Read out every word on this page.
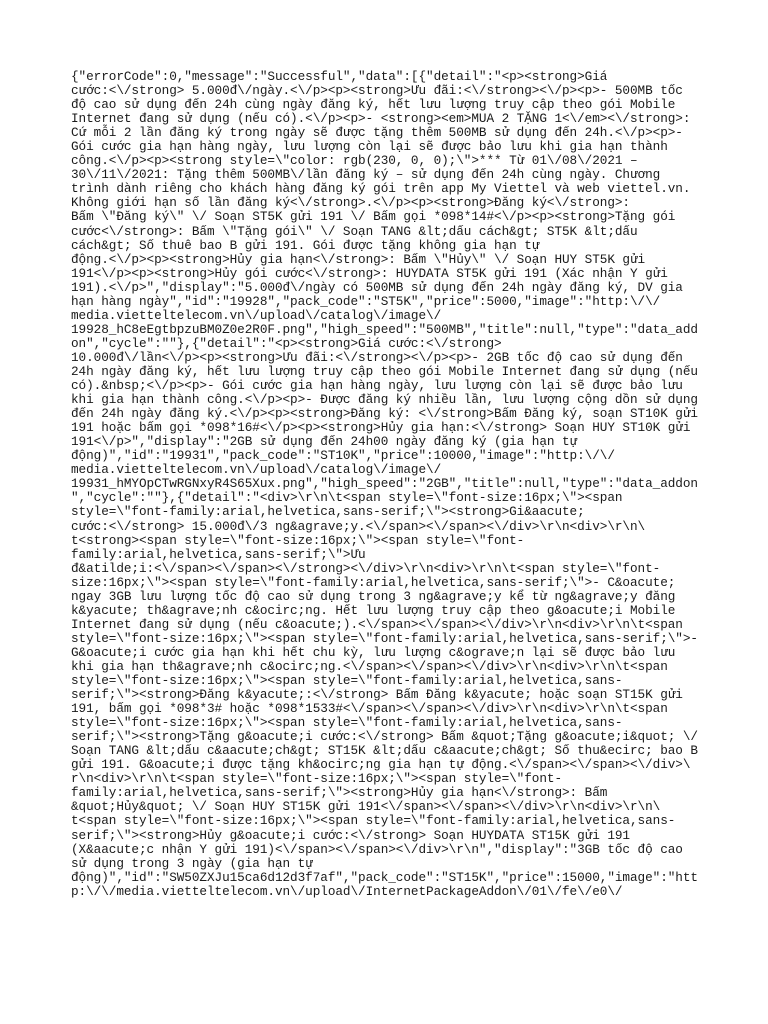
{"errorCode":0,"message":"Successful","data":[{"detail":"<p><strong>Giá
cước:<\/strong> 5.000đ\/ngày.<\/p><p><strong>Ưu đãi:<\/strong><\/p><p>- 500MB tốc
độ cao sử dụng đến 24h cùng ngày đăng ký, hết lưu lượng truy cập theo gói Mobile
Internet đang sử dụng (nếu có).<\/p><p>- <strong><em>MUA 2 TẶNG 1<\/em><\/strong>:
Cứ mỗi 2 lần đăng ký trong ngày sẽ được tặng thêm 500MB sử dụng đến 24h.<\/p><p>-
Gói cước gia hạn hàng ngày, lưu lượng còn lại sẽ được bảo lưu khi gia hạn thành
công.<\/p><p><strong style=\"color: rgb(230, 0, 0);\">*** Từ 01\/08\/2021 –
30\/11\/2021: Tặng thêm 500MB\/lần đăng ký – sử dụng đến 24h cùng ngày. Chương
trình dành riêng cho khách hàng đăng ký gói trên app My Viettel và web viettel.vn.
Không giới hạn số lần đăng ký<\/strong>.<\/p><p><strong>Đăng ký<\/strong>:
Bấm \"Đăng ký\" \/ Soạn ST5K gửi 191 \/ Bấm gọi *098*14#<\/p><p><strong>Tặng gói
cước<\/strong>: Bấm \"Tặng gói\" \/ Soạn TANG &lt;dấu cách&gt; ST5K &lt;dấu
cách&gt; Số thuê bao B gửi 191. Gói được tặng không gia hạn tự
động.<\/p><p><strong>Hủy gia hạn<\/strong>: Bấm \"Hủy\" \/ Soạn HUY ST5K gửi
191<\/p><p><strong>Hủy gói cước<\/strong>: HUYDATA ST5K gửi 191 (Xác nhận Y gửi
191).<\/p>","display":"5.000đ\/ngày có 500MB sử dụng đến 24h ngày đăng ký, DV gia
hạn hàng ngày","id":"19928","pack_code":"ST5K","price":5000,"image":"http:\/\/
media.vietteltelecom.vn\/upload\/catalog\/image\/
19928_hC8eEgtbpzuBM0Z0e2R0F.png","high_speed":"500MB","title":null,"type":"data_add
on","cycle":""},{"detail":"<p><strong>Giá cước:<\/strong>
10.000đ\/lần<\/p><p><strong>Ưu đãi:<\/strong><\/p><p>- 2GB tốc độ cao sử dụng đến
24h ngày đăng ký, hết lưu lượng truy cập theo gói Mobile Internet đang sử dụng (nếu
có).&nbsp;<\/p><p>- Gói cước gia hạn hàng ngày, lưu lượng còn lại sẽ được bảo lưu
khi gia hạn thành công.<\/p><p>- Được đăng ký nhiều lần, lưu lượng cộng dồn sử dụng
đến 24h ngày đăng ký.<\/p><p><strong>Đăng ký: <\/strong>Bấm Đăng ký, soạn ST10K gửi
191 hoặc bấm gọi *098*16#<\/p><p><strong>Hủy gia hạn:<\/strong> Soạn HUY ST10K gửi
191<\/p>","display":"2GB sử dụng đến 24h00 ngày đăng ký (gia hạn tự
động)","id":"19931","pack_code":"ST10K","price":10000,"image":"http:\/\/
media.vietteltelecom.vn\/upload\/catalog\/image\/
19931_hMYOpCTwRGNxyR4S65Xux.png","high_speed":"2GB","title":null,"type":"data_addon
","cycle":""},{"detail":"<div>\r\n\t<span style=\"font-size:16px;\"><span
style=\"font-family:arial,helvetica,sans-serif;\"><strong>Gi&aacute;
cước:<\/strong> 15.000đ\/3 ng&agrave;y.<\/span><\/span><\/div>\r\n<div>\r\n\
t<strong><span style=\"font-size:16px;\"><span style=\"font-
family:arial,helvetica,sans-serif;\">Ưu
đ&atilde;i:<\/span><\/span><\/strong><\/div>\r\n<div>\r\n\t<span style=\"font-
size:16px;\"><span style=\"font-family:arial,helvetica,sans-serif;\">- C&oacute;
ngay 3GB lưu lượng tốc độ cao sử dụng trong 3 ng&agrave;y kể từ ng&agrave;y đăng
k&yacute; th&agrave;nh c&ocirc;ng. Hết lưu lượng truy cập theo g&oacute;i Mobile
Internet đang sử dụng (nếu c&oacute;).<\/span><\/span><\/div>\r\n<div>\r\n\t<span
style=\"font-size:16px;\"><span style=\"font-family:arial,helvetica,sans-serif;\">-
G&oacute;i cước gia hạn khi hết chu kỳ, lưu lượng c&ograve;n lại sẽ được bảo lưu
khi gia hạn th&agrave;nh c&ocirc;ng.<\/span><\/span><\/div>\r\n<div>\r\n\t<span
style=\"font-size:16px;\"><span style=\"font-family:arial,helvetica,sans-
serif;\"><strong>Đăng k&yacute;:<\/strong> Bấm Đăng k&yacute; hoặc soạn ST15K gửi
191, bấm gọi *098*3# hoặc *098*1533#<\/span><\/span><\/div>\r\n<div>\r\n\t<span
style=\"font-size:16px;\"><span style=\"font-family:arial,helvetica,sans-
serif;\"><strong>Tặng g&oacute;i cước:<\/strong> Bấm &quot;Tặng g&oacute;i&quot; \/
Soạn TANG &lt;dấu c&aacute;ch&gt; ST15K &lt;dấu c&aacute;ch&gt; Số thu&ecirc; bao B
gửi 191. G&oacute;i được tặng kh&ocirc;ng gia hạn tự động.<\/span><\/span><\/div>\
r\n<div>\r\n\t<span style=\"font-size:16px;\"><span style=\"font-
family:arial,helvetica,sans-serif;\"><strong>Hủy gia hạn<\/strong>: Bấm
&quot;Hủy&quot; \/ Soạn HUY ST15K gửi 191<\/span><\/span><\/div>\r\n<div>\r\n\
t<span style=\"font-size:16px;\"><span style=\"font-family:arial,helvetica,sans-
serif;\"><strong>Hủy g&oacute;i cước:<\/strong> Soạn HUYDATA ST15K gửi 191
(X&aacute;c nhận Y gửi 191)<\/span><\/span><\/div>\r\n","display":"3GB tốc độ cao
sử dụng trong 3 ngày (gia hạn tự
động)","id":"SW50ZXJu15ca6d12d3f7af","pack_code":"ST15K","price":15000,"image":"htt
p:\/\/media.vietteltelecom.vn\/upload\/InternetPackageAddon\/01\/fe\/e0\/
